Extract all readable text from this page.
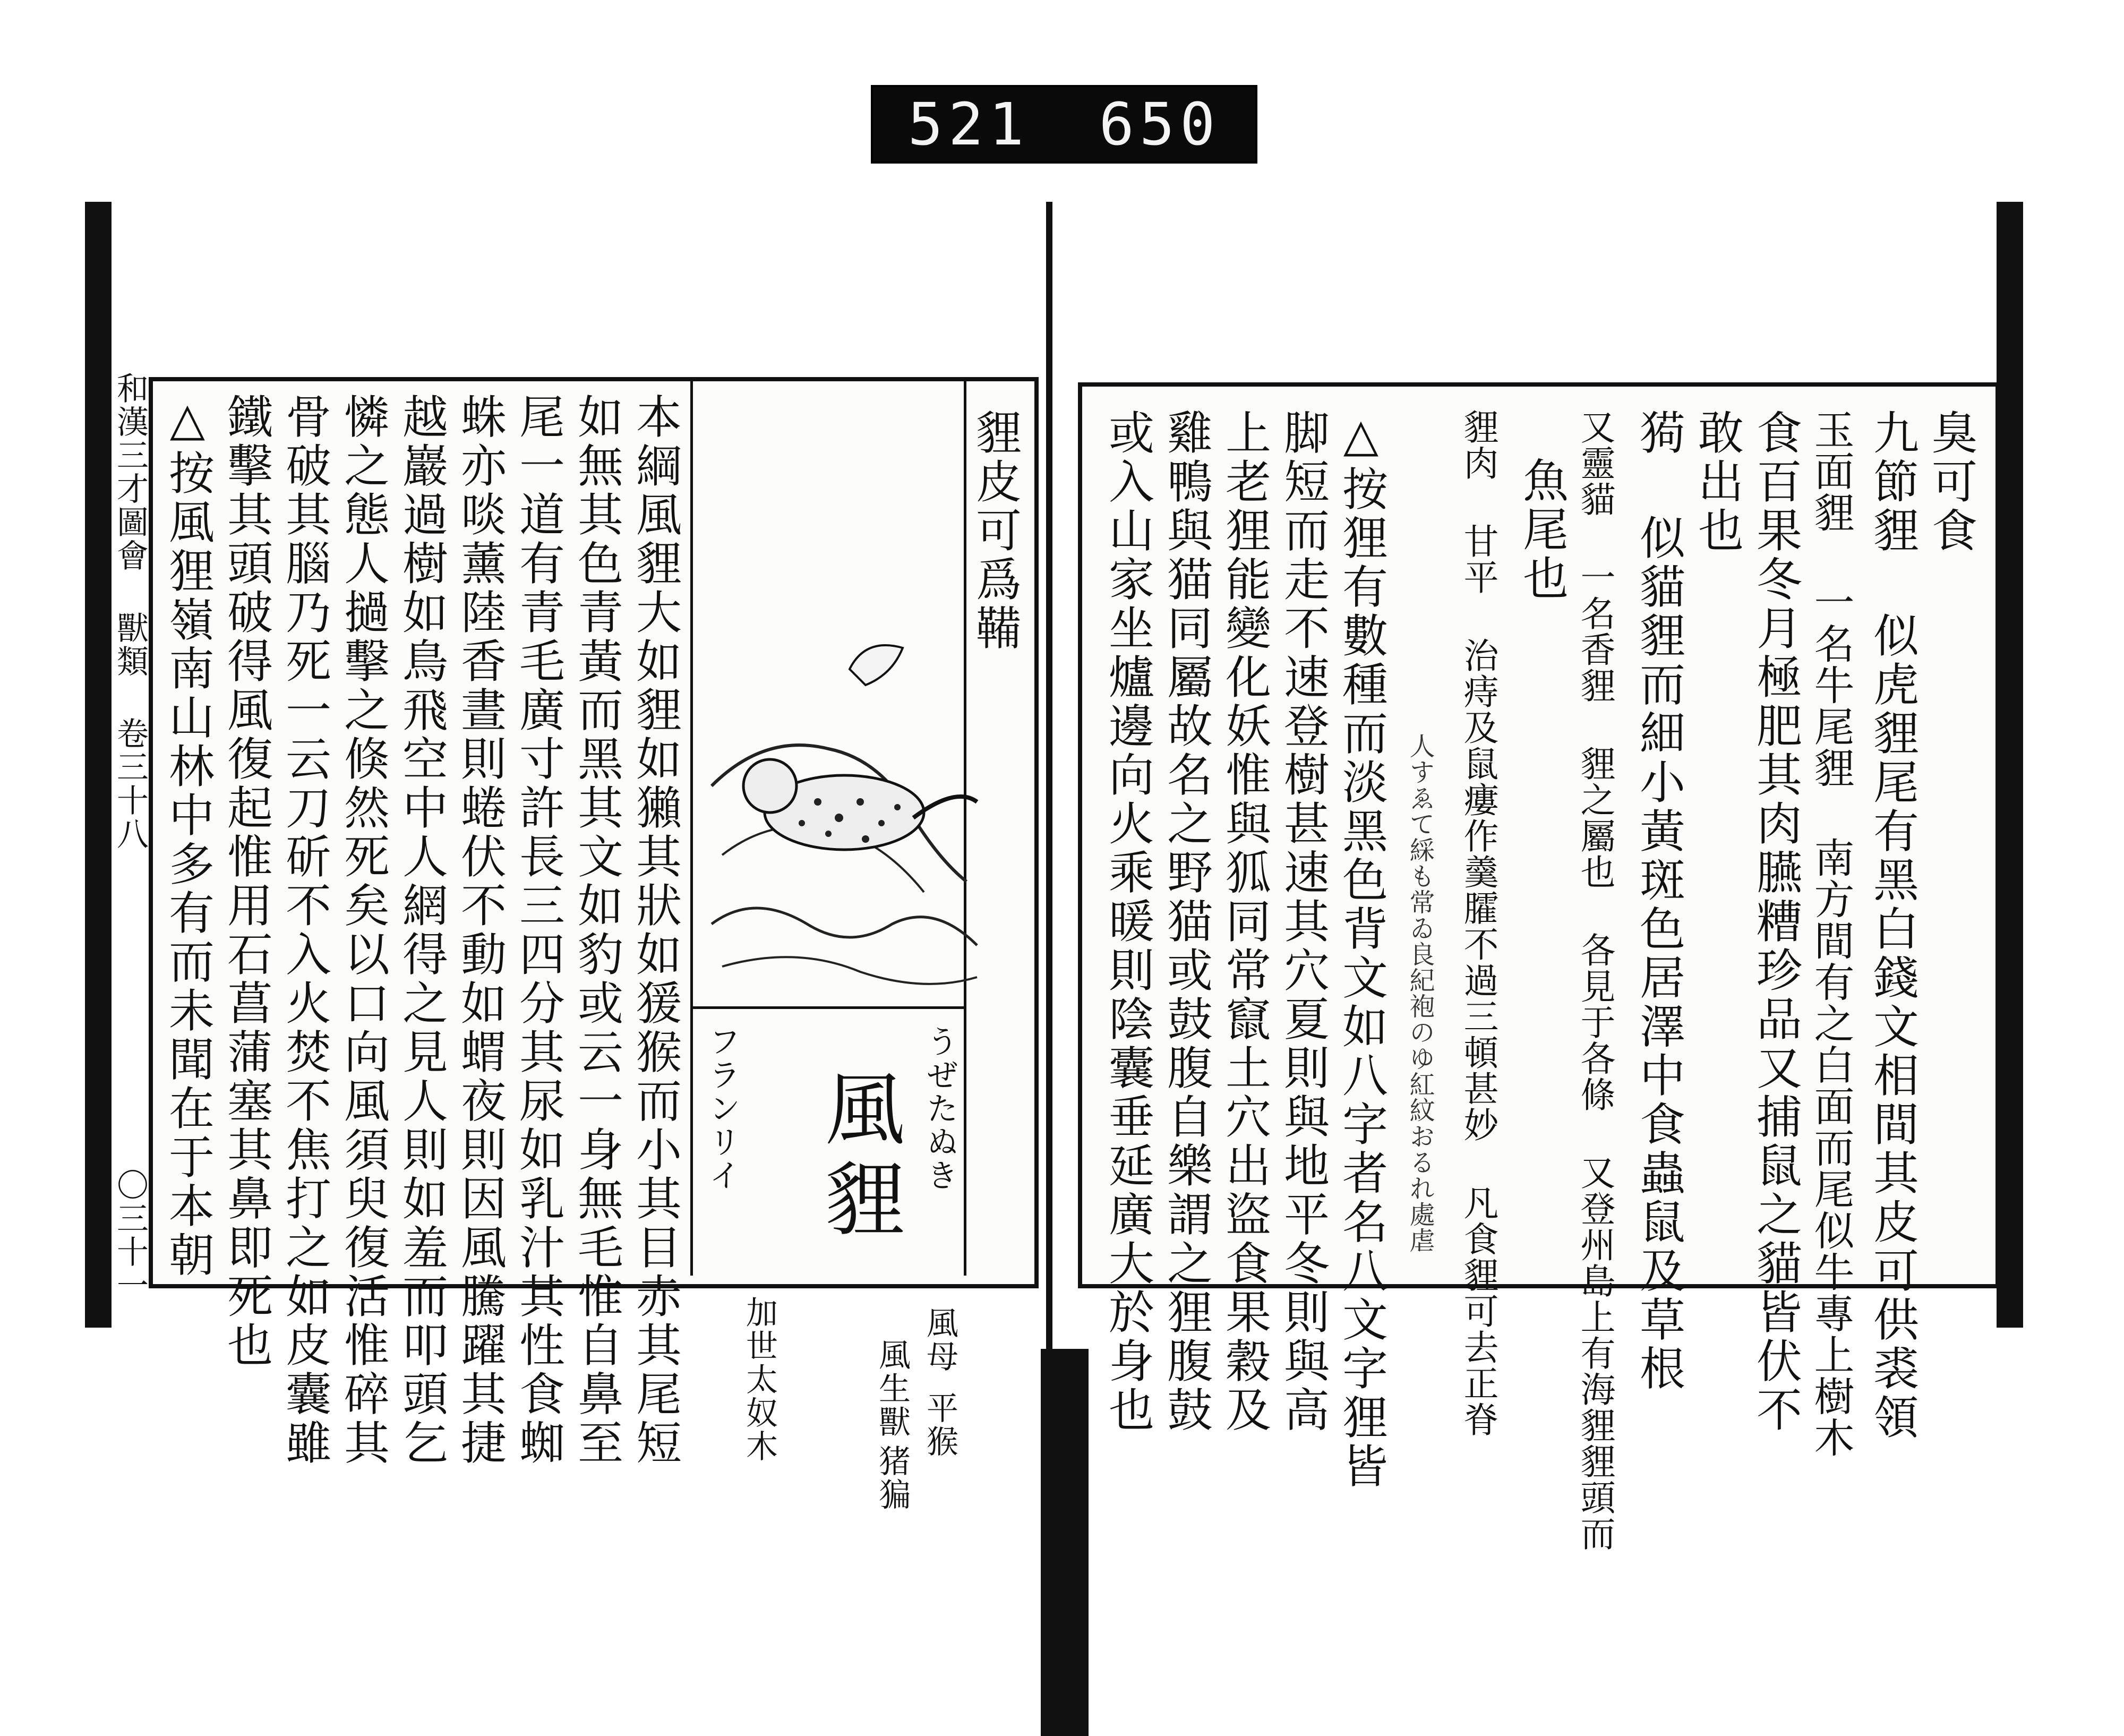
521 650
和漢三才圖會 獸類 卷三十八
〇三十一
貍皮可爲鞴
うぜたぬき
風貍
フランリイ
風母
平猴
風生獸
猪猵
加世太奴木
本綱風貍大如貍如獺其狀如猨猴而小其目赤其尾短
如無其色青黃而黑其文如豹或云一身無毛惟自鼻至
尾一道有青毛廣寸許長三四分其尿如乳汁其性食蜘
蛛亦啖薰陸香晝則蜷伏不動如蝟夜則因風騰躍其捷
越巖過樹如鳥飛空中人網得之見人則如羞而叩頭乞
憐之態人撾擊之倏然死矣以口向風須臾復活惟碎其
骨破其腦乃死一云刀斫不入火焚不焦打之如皮囊雖
鐵擊其頭破得風復起惟用石菖蒲塞其鼻即死也
△按風狸嶺南山林中多有而未聞在于本朝	臭可食
九節貍 似虎貍尾有黑白錢文相間其皮可供裘領
玉面貍 一名牛尾貍 南方間有之白面而尾似牛專上樹木
食百果冬月極肥其肉臙糟珍品又捕鼠之貓皆伏不
敢出也
㺃 似貓貍而細小黃斑色居澤中食蟲鼠及草根
又靈貓 一名香貍 貍之屬也 各見于各條 又登州島上有海貍貍頭而
魚尾也
貍肉 甘平 治痔及鼠瘻作羹臛不過三頓甚妙 凡食貍可去正脊
人すゑて綵も常ゐ良紀袍のゆ紅紋おるれ處虐
△按狸有數種而淡黑色背文如八字者名八文字狸皆
脚短而走不速登樹甚速其穴夏則與地平冬則與高
上老狸能變化妖惟與狐同常竄土穴出盜食果穀及
雞鴨與猫同屬故名之野猫或鼓腹自樂謂之狸腹鼓
或入山家坐爐邊向火乘暖則陰囊垂延廣大於身也
